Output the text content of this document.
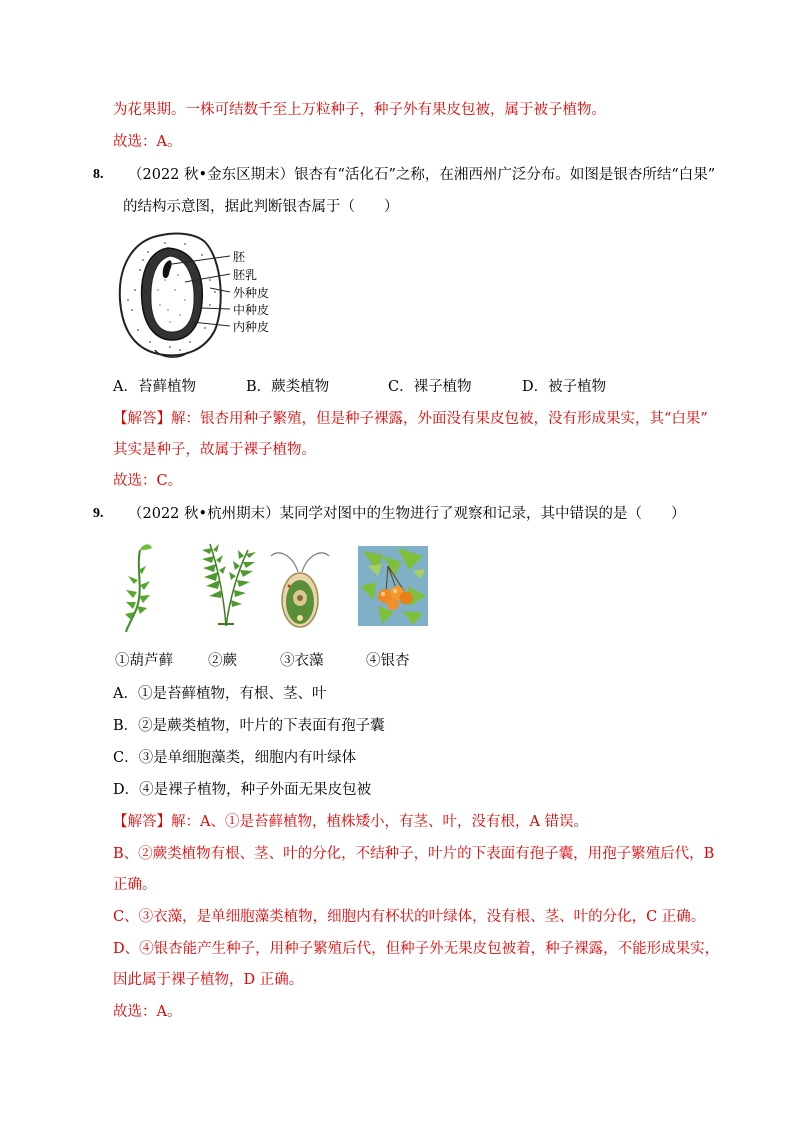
为花果期。一株可结数千至上万粒种子，种子外有果皮包被，属于被子植物。
故选：A。
8. （2022 秋•金东区期末）银杏有“活化石”之称，在湘西州广泛分布。如图是银杏所结“白果”
的结构示意图，据此判断银杏属于（　　）
胚
胚乳
外种皮
中种皮
内种皮
A．苔藓植物	B．蕨类植物	C．裸子植物	D．被子植物
【解答】解：银杏用种子繁殖，但是种子裸露，外面没有果皮包被，没有形成果实，其“白果”
其实是种子，故属于裸子植物。
故选：C。
9. （2022 秋•杭州期末）某同学对图中的生物进行了观察和记录，其中错误的是（　　）
①葫芦藓 ②蕨	③衣藻	④银杏
A．①是苔藓植物，有根、茎、叶
B．②是蕨类植物，叶片的下表面有孢子囊
C．③是单细胞藻类，细胞内有叶绿体
D．④是裸子植物，种子外面无果皮包被
【解答】解：A、①是苔藓植物，植株矮小，有茎、叶，没有根，A 错误。
B、②蕨类植物有根、茎、叶的分化，不结种子，叶片的下表面有孢子囊，用孢子繁殖后代，B
正确。
C、③衣藻，是单细胞藻类植物，细胞内有杯状的叶绿体，没有根、茎、叶的分化，C 正确。
D、④银杏能产生种子，用种子繁殖后代，但种子外无果皮包被着，种子裸露，不能形成果实，
因此属于裸子植物，D 正确。
故选：A。
